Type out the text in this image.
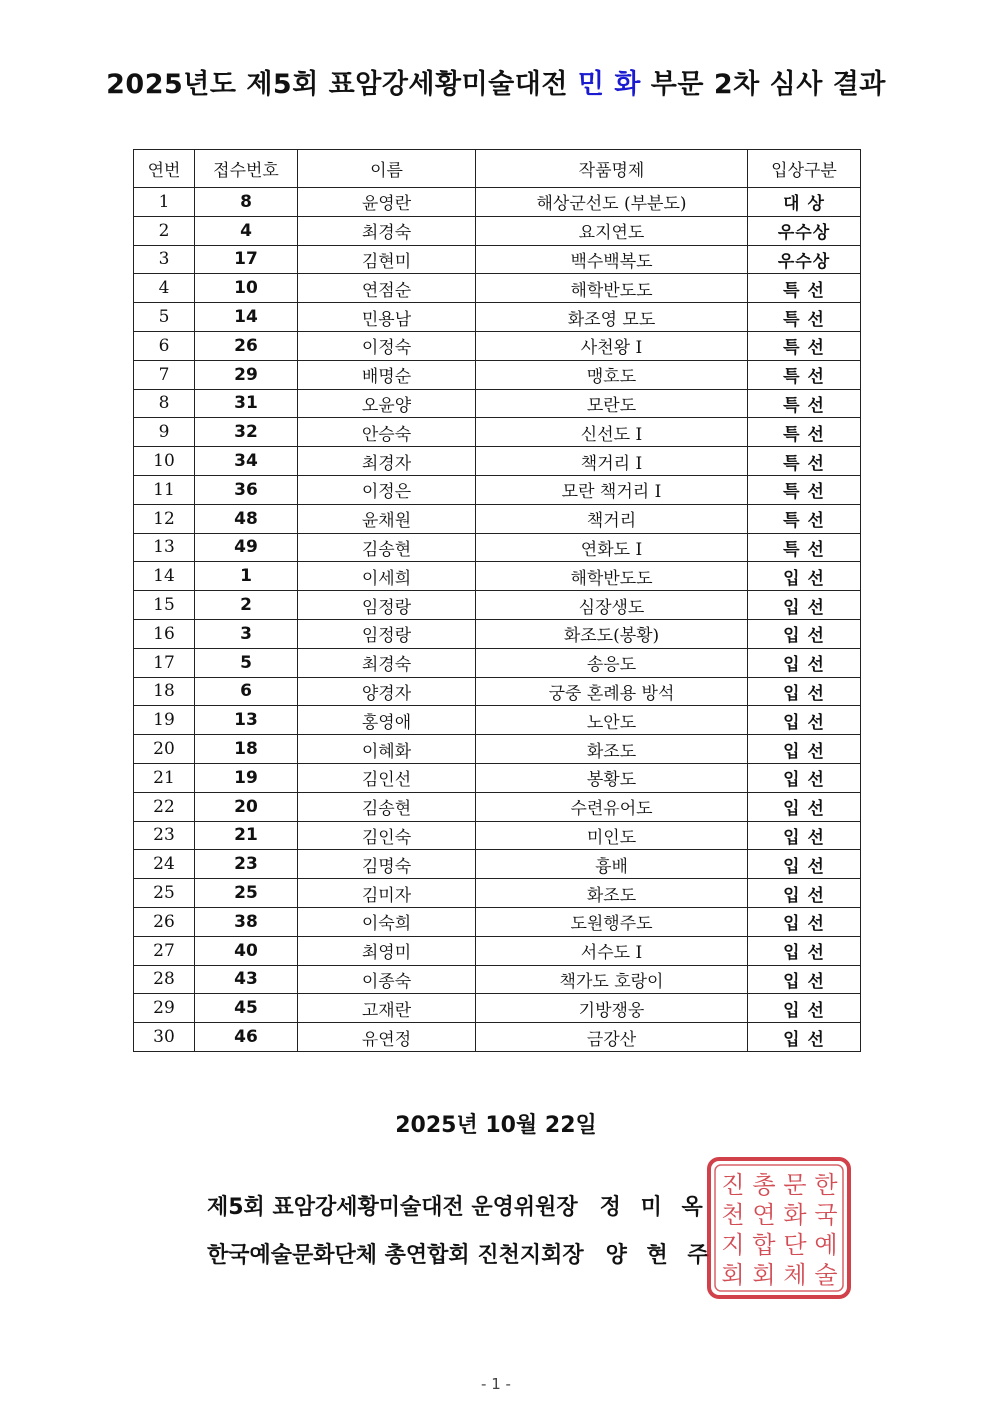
2025년도 제5회 표암강세황미술대전 민 화 부문 2차 심사 결과
연번	접수번호	이름	작품명제	입상구분
1	8	윤영란	해상군선도 (부분도)	대 상
2	4	최경숙	요지연도	우수상
3	17	김현미	백수백복도	우수상
4	10	연점순	해학반도도	특 선
5	14	민용남	화조영 모도	특 선
6	26	이정숙	사천왕 I	특 선
7	29	배명순	맹호도	특 선
8	31	오윤양	모란도	특 선
9	32	안승숙	신선도 I	특 선
10	34	최경자	책거리 I	특 선
11	36	이정은	모란 책거리 I	특 선
12	48	윤채원	책거리	특 선
13	49	김송현	연화도 I	특 선
14	1	이세희	해학반도도	입 선
15	2	임정랑	심장생도	입 선
16	3	임정랑	화조도(봉황)	입 선
17	5	최경숙	송응도	입 선
18	6	양경자	궁중 혼례용 방석	입 선
19	13	홍영애	노안도	입 선
20	18	이혜화	화조도	입 선
21	19	김인선	봉황도	입 선
22	20	김송현	수련유어도	입 선
23	21	김인숙	미인도	입 선
24	23	김명숙	흉배	입 선
25	25	김미자	화조도	입 선
26	38	이숙희	도원행주도	입 선
27	40	최영미	서수도 I	입 선
28	43	이종숙	책가도 호랑이	입 선
29	45	고재란	기방쟁웅	입 선
30	46	유연정	금강산	입 선
2025년 10월 22일
제5회 표암강세황미술대전 운영위원장 정 미 옥
한국예술문화단체 총연합회 진천지회장 양 현 주
한
국
예
술
문
화
단
체
총
연
합
회
진
천
지
회
- 1 -
